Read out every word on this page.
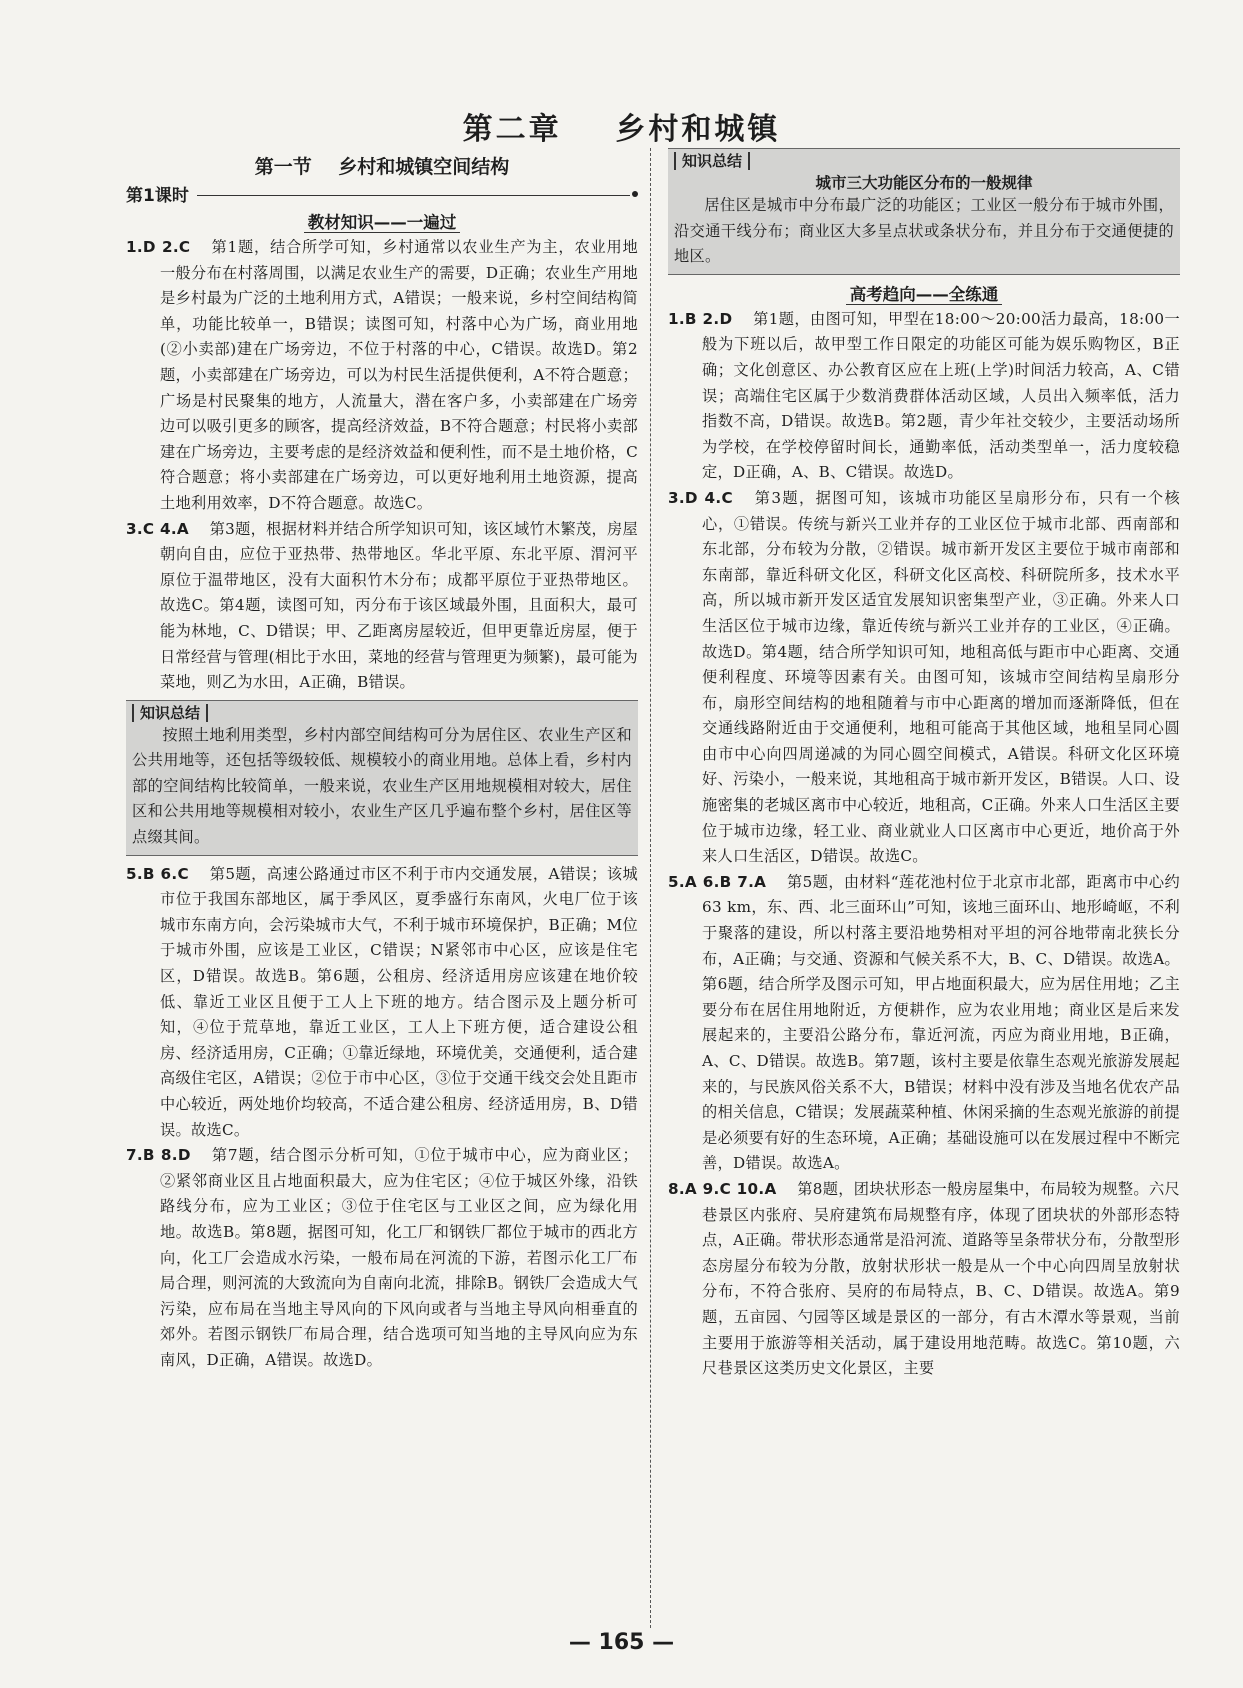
第二章    乡村和城镇
第一节    乡村和城镇空间结构
第1课时
教材知识——一遍过

1.D 2.C  第1题，结合所学可知，乡村通常以农业生产为主，农业用地一般分布在村落周围，以满足农业生产的需要，D正确；农业生产用地是乡村最为广泛的土地利用方式，A错误；一般来说，乡村空间结构简单，功能比较单一，B错误；读图可知，村落中心为广场，商业用地(②小卖部)建在广场旁边，不位于村落的中心，C错误。故选D。第2题，小卖部建在广场旁边，可以为村民生活提供便利，A不符合题意；广场是村民聚集的地方，人流量大，潜在客户多，小卖部建在广场旁边可以吸引更多的顾客，提高经济效益，B不符合题意；村民将小卖部建在广场旁边，主要考虑的是经济效益和便利性，而不是土地价格，C符合题意；将小卖部建在广场旁边，可以更好地利用土地资源，提高土地利用效率，D不符合题意。故选C。

3.C 4.A  第3题，根据材料并结合所学知识可知，该区域竹木繁茂，房屋朝向自由，应位于亚热带、热带地区。华北平原、东北平原、渭河平原位于温带地区，没有大面积竹木分布；成都平原位于亚热带地区。故选C。第4题，读图可知，丙分布于该区域最外围，且面积大，最可能为林地，C、D错误；甲、乙距离房屋较近，但甲更靠近房屋，便于日常经营与管理(相比于水田，菜地的经营与管理更为频繁)，最可能为菜地，则乙为水田，A正确，B错误。

知识总结

按照土地利用类型，乡村内部空间结构可分为居住区、农业生产区和公共用地等，还包括等级较低、规模较小的商业用地。总体上看，乡村内部的空间结构比较简单，一般来说，农业生产区用地规模相对较大，居住区和公共用地等规模相对较小，农业生产区几乎遍布整个乡村，居住区等点缀其间。

5.B 6.C  第5题，高速公路通过市区不利于市内交通发展，A错误；该城市位于我国东部地区，属于季风区，夏季盛行东南风，火电厂位于该城市东南方向，会污染城市大气，不利于城市环境保护，B正确；M位于城市外围，应该是工业区，C错误；N紧邻市中心区，应该是住宅区，D错误。故选B。第6题，公租房、经济适用房应该建在地价较低、靠近工业区且便于工人上下班的地方。结合图示及上题分析可知，④位于荒草地，靠近工业区，工人上下班方便，适合建设公租房、经济适用房，C正确；①靠近绿地，环境优美，交通便利，适合建高级住宅区，A错误；②位于市中心区，③位于交通干线交会处且距市中心较近，两处地价均较高，不适合建公租房、经济适用房，B、D错误。故选C。

7.B 8.D  第7题，结合图示分析可知，①位于城市中心，应为商业区；②紧邻商业区且占地面积最大，应为住宅区；④位于城区外缘，沿铁路线分布，应为工业区；③位于住宅区与工业区之间，应为绿化用地。故选B。第8题，据图可知，化工厂和钢铁厂都位于城市的西北方向，化工厂会造成水污染，一般布局在河流的下游，若图示化工厂布局合理，则河流的大致流向为自南向北流，排除B。钢铁厂会造成大气污染，应布局在当地主导风向的下风向或者与当地主导风向相垂直的郊外。若图示钢铁厂布局合理，结合选项可知当地的主导风向应为东南风，D正确，A错误。故选D。

知识总结
城市三大功能区分布的一般规律

居住区是城市中分布最广泛的功能区；工业区一般分布于城市外围，沿交通干线分布；商业区大多呈点状或条状分布，并且分布于交通便捷的地区。

高考趋向——全练通

1.B 2.D  第1题，由图可知，甲型在18:00～20:00活力最高，18:00一般为下班以后，故甲型工作日限定的功能区可能为娱乐购物区，B正确；文化创意区、办公教育区应在上班(上学)时间活力较高，A、C错误；高端住宅区属于少数消费群体活动区域，人员出入频率低，活力指数不高，D错误。故选B。第2题，青少年社交较少，主要活动场所为学校，在学校停留时间长，通勤率低，活动类型单一，活力度较稳定，D正确，A、B、C错误。故选D。

3.D 4.C  第3题，据图可知，该城市功能区呈扇形分布，只有一个核心，①错误。传统与新兴工业并存的工业区位于城市北部、西南部和东北部，分布较为分散，②错误。城市新开发区主要位于城市南部和东南部，靠近科研文化区，科研文化区高校、科研院所多，技术水平高，所以城市新开发区适宜发展知识密集型产业，③正确。外来人口生活区位于城市边缘，靠近传统与新兴工业并存的工业区，④正确。故选D。第4题，结合所学知识可知，地租高低与距市中心距离、交通便利程度、环境等因素有关。由图可知，该城市空间结构呈扇形分布，扇形空间结构的地租随着与市中心距离的增加而逐渐降低，但在交通线路附近由于交通便利，地租可能高于其他区域，地租呈同心圆由市中心向四周递减的为同心圆空间模式，A错误。科研文化区环境好、污染小，一般来说，其地租高于城市新开发区，B错误。人口、设施密集的老城区离市中心较近，地租高，C正确。外来人口生活区主要位于城市边缘，轻工业、商业就业人口区离市中心更近，地价高于外来人口生活区，D错误。故选C。

5.A 6.B 7.A  第5题，由材料“莲花池村位于北京市北部，距离市中心约63 km，东、西、北三面环山”可知，该地三面环山、地形崎岖，不利于聚落的建设，所以村落主要沿地势相对平坦的河谷地带南北狭长分布，A正确；与交通、资源和气候关系不大，B、C、D错误。故选A。第6题，结合所学及图示可知，甲占地面积最大，应为居住用地；乙主要分布在居住用地附近，方便耕作，应为农业用地；商业区是后来发展起来的，主要沿公路分布，靠近河流，丙应为商业用地，B正确，A、C、D错误。故选B。第7题，该村主要是依靠生态观光旅游发展起来的，与民族风俗关系不大，B错误；材料中没有涉及当地名优农产品的相关信息，C错误；发展蔬菜种植、休闲采摘的生态观光旅游的前提是必须要有好的生态环境，A正确；基础设施可以在发展过程中不断完善，D错误。故选A。

8.A 9.C 10.A  第8题，团块状形态一般房屋集中，布局较为规整。六尺巷景区内张府、吴府建筑布局规整有序，体现了团块状的外部形态特点，A正确。带状形态通常是沿河流、道路等呈条带状分布，分散型形态房屋分布较为分散，放射状形状一般是从一个中心向四周呈放射状分布，不符合张府、吴府的布局特点，B、C、D错误。故选A。第9题，五亩园、勺园等区域是景区的一部分，有古木潭水等景观，当前主要用于旅游等相关活动，属于建设用地范畴。故选C。第10题，六尺巷景区这类历史文化景区，主要

— 165 —
